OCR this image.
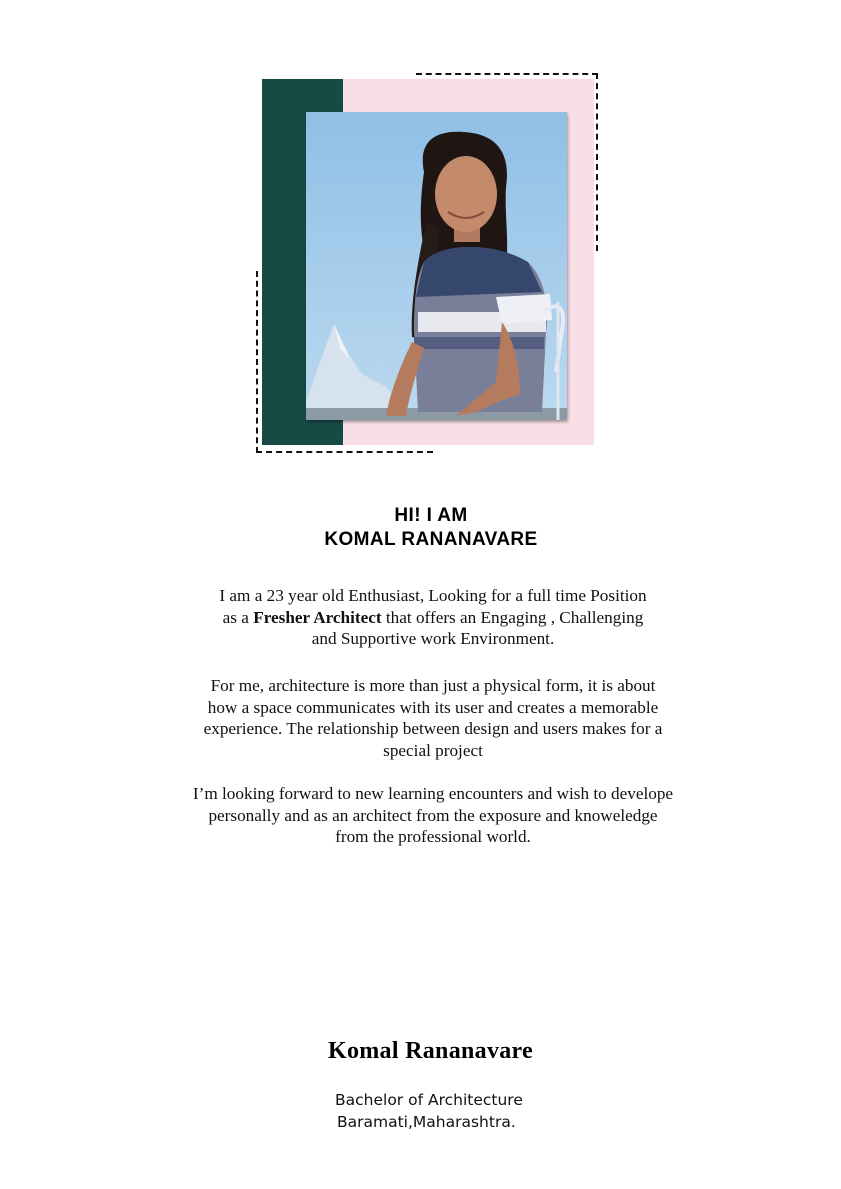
HI! I AM
KOMAL RANANAVARE
I am a 23 year old Enthusiast, Looking for a full time Position
as a Fresher Architect that offers an Engaging , Challenging
and Supportive work Environment.
For me, architecture is more than just a physical form, it is about
how a space communicates with its user and creates a memorable
experience. The relationship between design and users makes for a
special project
I’m looking forward to new learning encounters and wish to develope
personally and as an architect from the exposure and knoweledge
from the professional world.
Komal Rananavare
Bachelor of Architecture
Baramati,Maharashtra.
